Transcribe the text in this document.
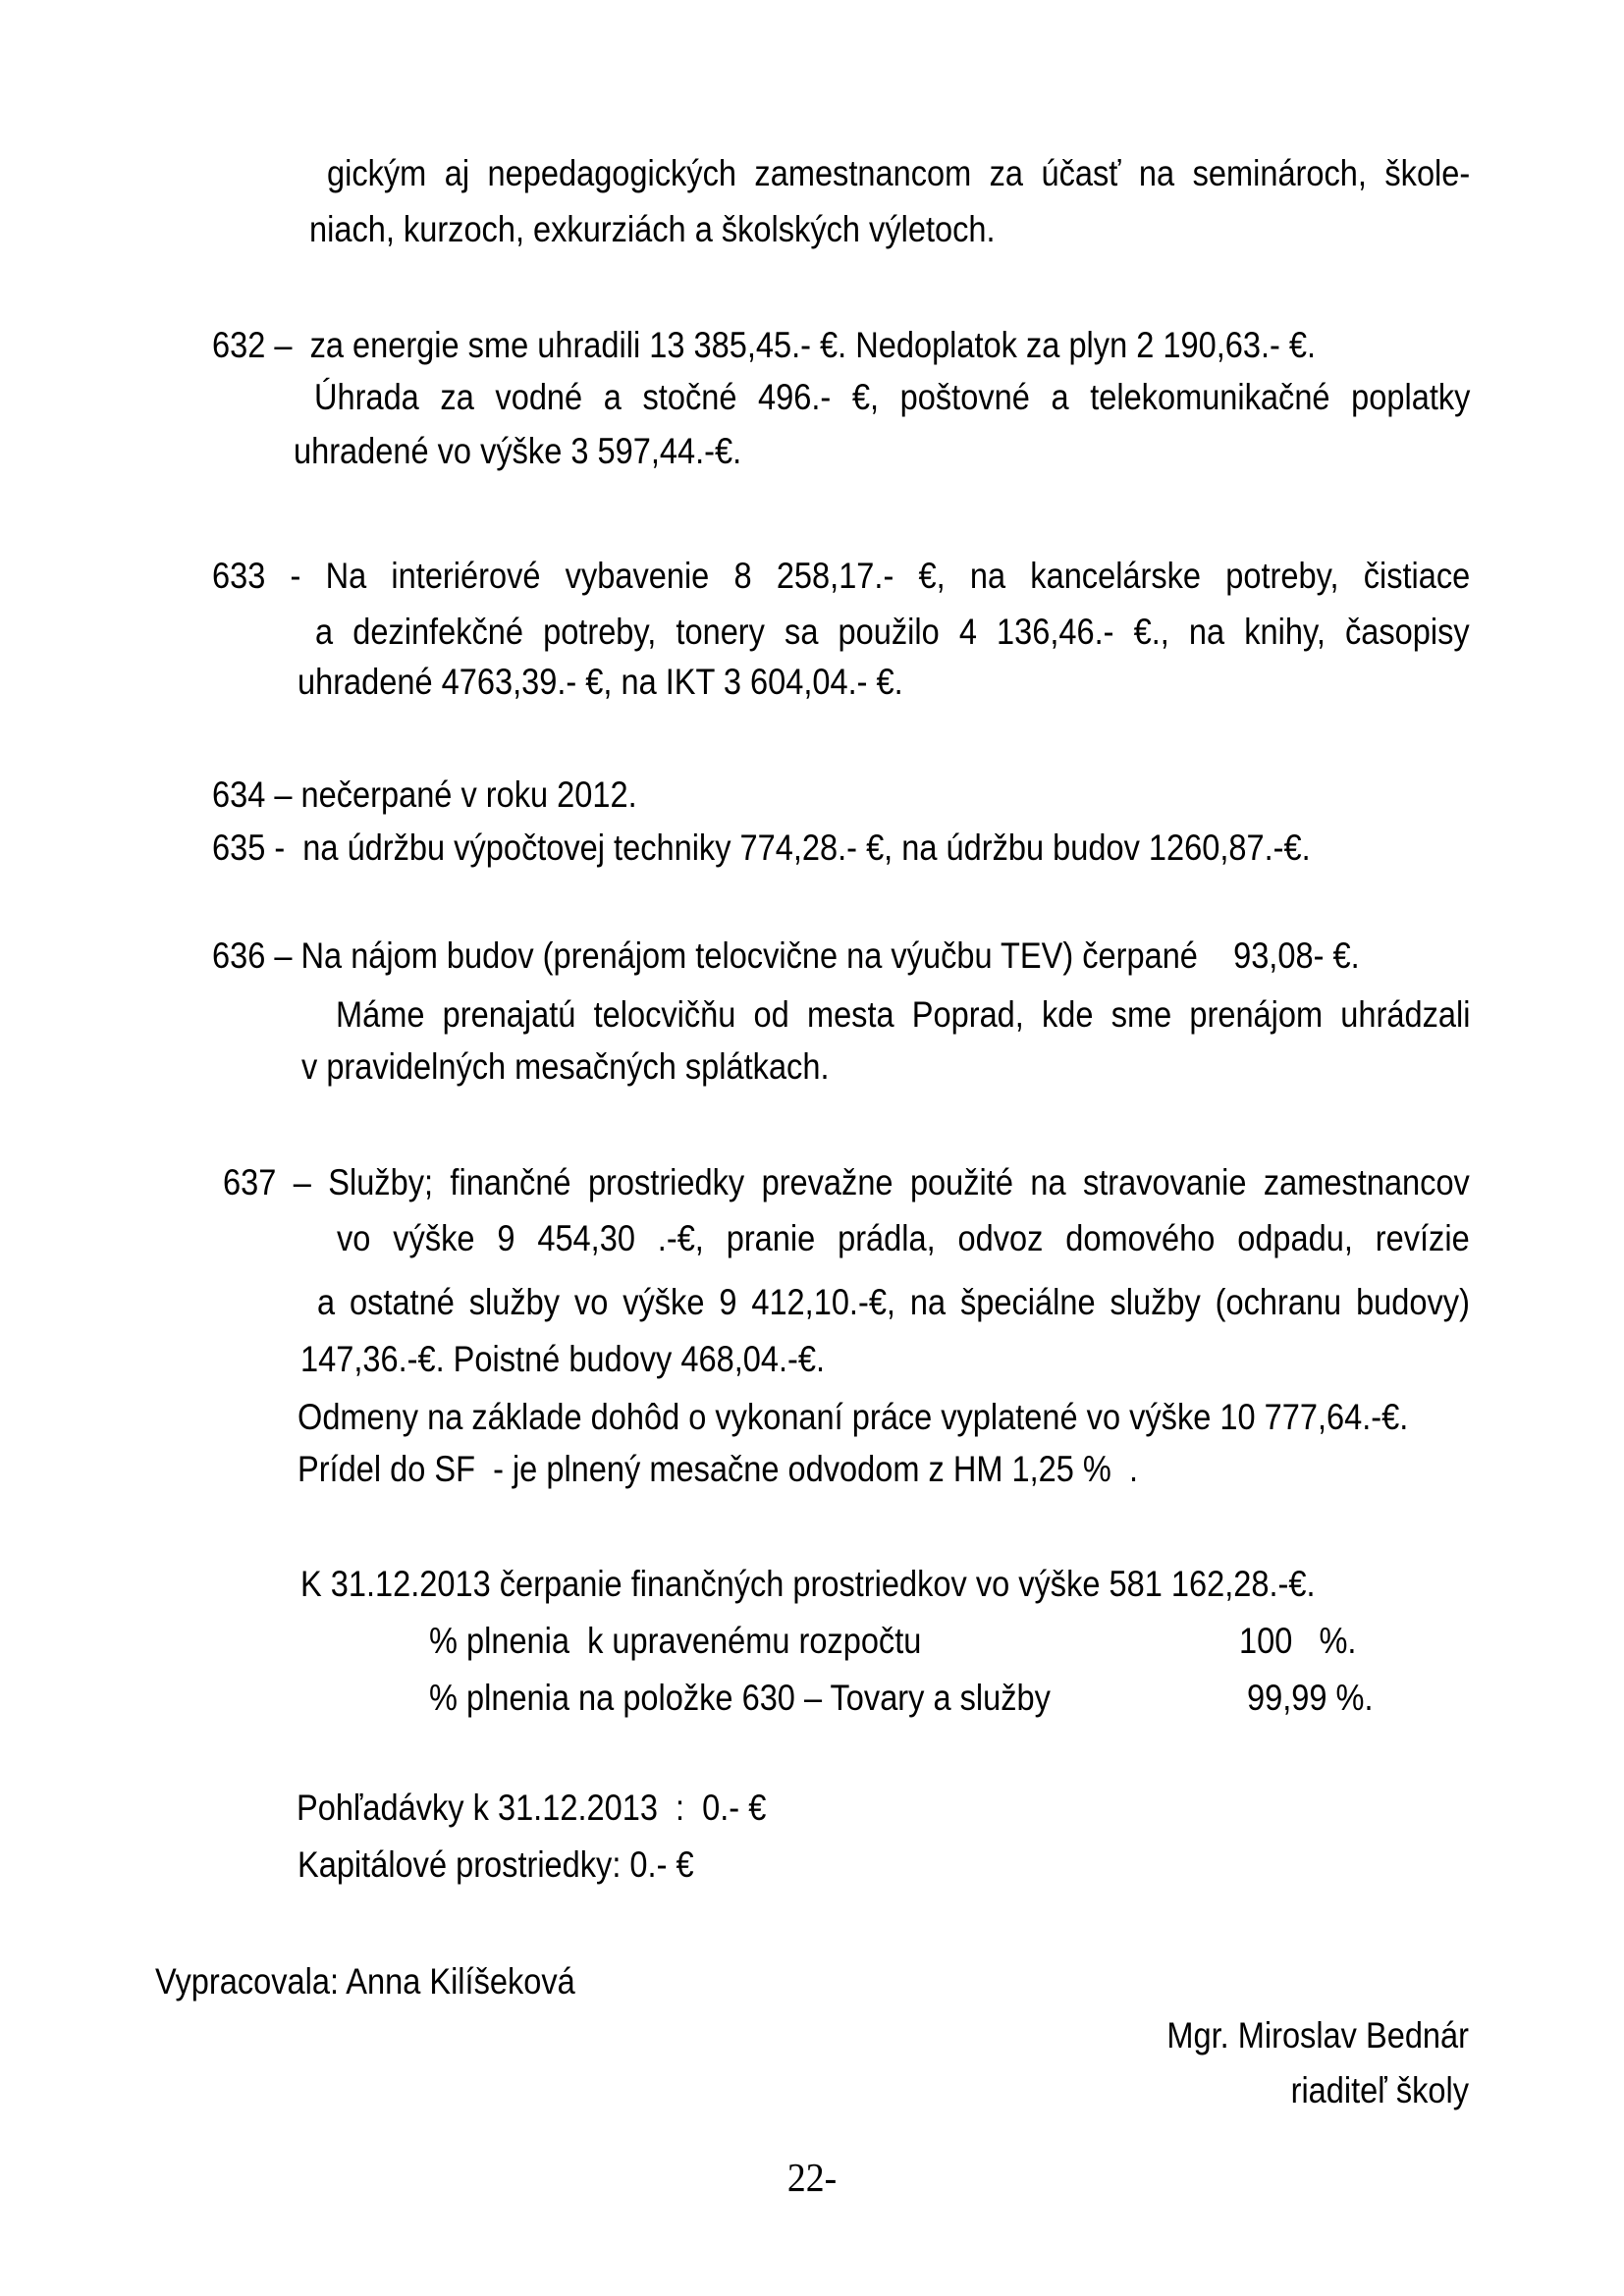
gickým aj nepedagogických zamestnancom za účasť na seminároch, škole-
niach, kurzoch, exkurziách a školských výletoch.
632 –  za energie sme uhradili 13 385,45.- €. Nedoplatok za plyn 2 190,63.- €.
Úhrada za vodné a stočné 496.- €, poštovné a telekomunikačné poplatky
uhradené vo výške 3 597,44.-€.
633 - Na interiérové vybavenie 8 258,17.- €, na kancelárske potreby, čistiace
a dezinfekčné potreby, tonery sa použilo 4 136,46.- €., na knihy, časopisy
uhradené 4763,39.- €, na IKT 3 604,04.- €.
634 – nečerpané v roku 2012.
635 -  na údržbu výpočtovej techniky 774,28.- €, na údržbu budov 1260,87.-€.
636 – Na nájom budov (prenájom telocvične na výučbu TEV) čerpané    93,08- €.
Máme prenajatú telocvičňu od mesta Poprad, kde sme prenájom uhrádzali
v pravidelných mesačných splátkach.
637 – Služby; finančné prostriedky prevažne použité na stravovanie zamestnancov
vo výške 9 454,30 .-€, pranie prádla, odvoz domového odpadu, revízie
a ostatné služby vo výške 9 412,10.-€, na špeciálne služby (ochranu budovy)
147,36.-€. Poistné budovy 468,04.-€.
Odmeny na základe dohôd o vykonaní práce vyplatené vo výške 10 777,64.-€.
Prídel do SF  - je plnený mesačne odvodom z HM 1,25 %  .
K 31.12.2013 čerpanie finančných prostriedkov vo výške 581 162,28.-€.
% plnenia  k upravenému rozpočtu	100   %.
% plnenia na položke 630 – Tovary a služby	99,99 %.
Pohľadávky k 31.12.2013  :  0.- €
Kapitálové prostriedky: 0.- €
Vypracovala: Anna Kilíšeková
Mgr. Miroslav Bednár
riaditeľ školy
22-
